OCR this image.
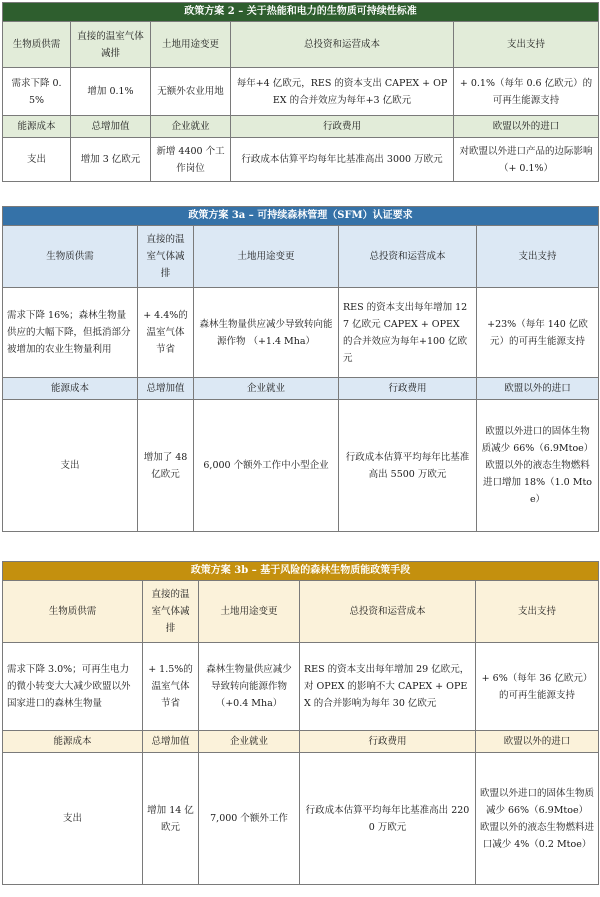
政策方案 2 – 关于热能和电力的生物质可持续性标准				
生物质供需	直接的温室气体减排	土地用途变更	总投资和运营成本	支出支持
需求下降 0.5%	增加 0.1%	无额外农业用地	每年+4 亿欧元，RES 的资本支出 CAPEX + OPEX 的合并效应为每年+3 亿欧元	+ 0.1%（每年 0.6 亿欧元）的可再生能源支持
能源成本	总增加值	企业就业	行政费用	欧盟以外的进口
支出	增加 3 亿欧元	新增 4400 个工作岗位	行政成本估算平均每年比基准高出 3000 万欧元	对欧盟以外进口产品的边际影响（+ 0.1%）
政策方案 3a – 可持续森林管理（SFM）认证要求				
生物质供需	直接的温室气体减排	土地用途变更	总投资和运营成本	支出支持
需求下降 16%；森林生物量供应的大幅下降，但抵消部分被增加的农业生物量利用	+ 4.4%的温室气体节省	森林生物量供应减少导致转向能源作物 （+1.4 Mha）	RES 的资本支出每年增加 127 亿欧元 CAPEX + OPEX 的合并效应为每年+100 亿欧元	+23%（每年 140 亿欧元）的可再生能源支持
能源成本	总增加值	企业就业	行政费用	欧盟以外的进口
支出	增加了 48 亿欧元	6,000 个额外工作中小型企业	行政成本估算平均每年比基准高出 5500 万欧元	欧盟以外进口的固体生物质减少 66%（6.9Mtoe） 欧盟以外的液态生物燃料进口增加 18%（1.0 Mtoe）
政策方案 3b – 基于风险的森林生物质能政策手段				
生物质供需	直接的温室气体减排	土地用途变更	总投资和运营成本	支出支持
需求下降 3.0%；可再生电力的微小转变大大减少欧盟以外国家进口的森林生物量	+ 1.5%的温室气体节省	森林生物量供应减少导致转向能源作物（+0.4 Mha）	RES 的资本支出每年增加 29 亿欧元，对 OPEX 的影响不大 CAPEX + OPEX 的合并影响为每年 30 亿欧元	+ 6%（每年 36 亿欧元）的可再生能源支持
能源成本	总增加值	企业就业	行政费用	欧盟以外的进口
支出	增加 14 亿欧元	7,000 个额外工作	行政成本估算平均每年比基准高出 2200 万欧元	欧盟以外进口的固体生物质减少 66%（6.9Mtoe） 欧盟以外的液态生物燃料进口减少 4%（0.2 Mtoe）
